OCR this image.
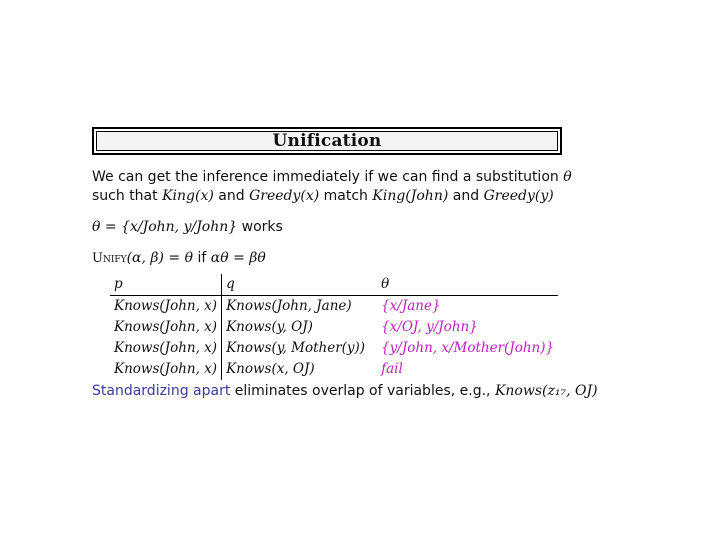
Unification
We can get the inference immediately if we can find a substitution θ
such that King(x) and Greedy(x) match King(John) and Greedy(y)
θ = {x/John, y/John} works
Unify(α, β) = θ if αθ = βθ
p	q	θ
Knows(John, x)	Knows(John, Jane)	{x/Jane}
Knows(John, x)	Knows(y, OJ)	{x/OJ, y/John}
Knows(John, x)	Knows(y, Mother(y))	{y/John, x/Mother(John)}
Knows(John, x)	Knows(x, OJ)	fail
Standardizing apart eliminates overlap of variables, e.g., Knows(z₁₇, OJ)
